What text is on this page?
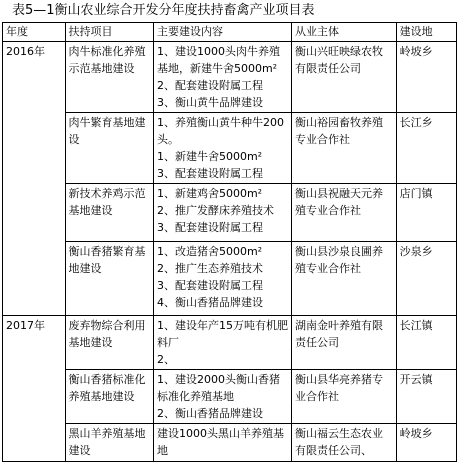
表5—1衡山农业综合开发分年度扶持畜禽产业项目表
年度	扶持项目	主要建设内容	从业主体	建设地
2016年	肉牛标准化养殖示范基地建设	1、建设1000头肉牛养殖基地，新建牛舍5000m²
2、配套建设附属工程
3、衡山黄牛品牌建设	衡山兴旺映绿农牧有限责任公司	岭坡乡
	肉牛繁育基地建设	1、养殖衡山黄牛种牛200头。
1、新建牛舍5000m²
3、配套建设附属工程	衡山裕园畜牧养殖专业合作社	长江乡
	新技术养鸡示范基地建设	1、新建鸡舍5000m²
2、推广发酵床养殖技术
3、配套建设附属工程	衡山县祝融天元养殖专业合作社	店门镇
	衡山香猪繁育基地建设	1、改造猪舍5000m²
2、推广生态养殖技术
3、配套建设附属工程
4、衡山香猪品牌建设	衡山县沙泉良圃养殖专业合作社	沙泉乡
2017年	废弃物综合利用基地建设	1、建设年产15万吨有机肥料厂
2、	湖南金叶养殖有限责任公司	长江镇
	衡山香猪标准化养殖基地建设	1、建设2000头衡山香猪标准化养殖基地
2、衡山香猪品牌建设	衡山县华亮养猪专业合作社	开云镇
	黑山羊养殖基地建设	建设1000头黑山羊养殖基地	衡山福云生态农业有限责任公司、	岭坡乡
